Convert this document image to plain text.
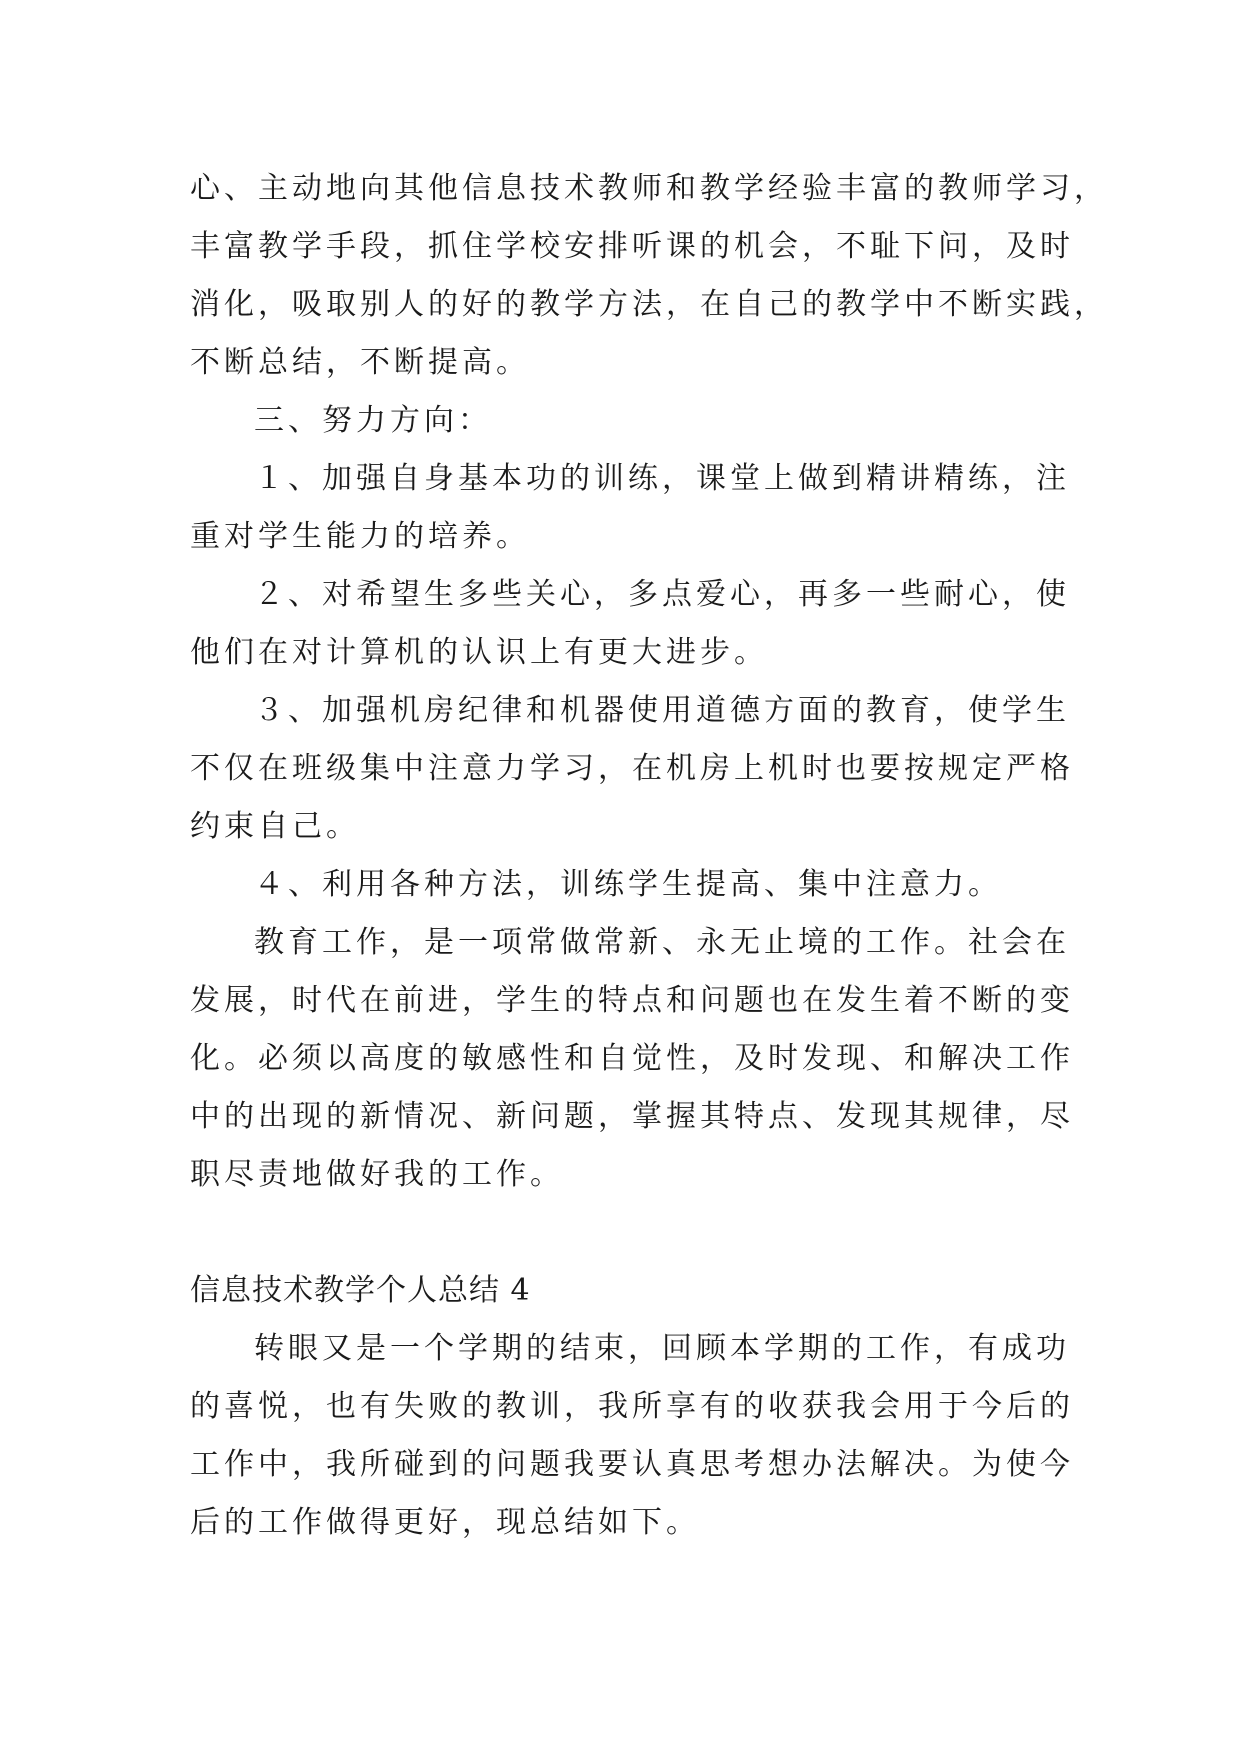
心、主动地向其他信息技术教师和教学经验丰富的教师学习，
丰富教学手段，抓住学校安排听课的机会，不耻下问，及时
消化，吸取别人的好的教学方法，在自己的教学中不断实践，
不断总结，不断提高。
三、努力方向：
１、加强自身基本功的训练，课堂上做到精讲精练，注
重对学生能力的培养。
２、对希望生多些关心，多点爱心，再多一些耐心，使
他们在对计算机的认识上有更大进步。
３、加强机房纪律和机器使用道德方面的教育，使学生
不仅在班级集中注意力学习，在机房上机时也要按规定严格
约束自己。
４、利用各种方法，训练学生提高、集中注意力。
教育工作，是一项常做常新、永无止境的工作。社会在
发展，时代在前进，学生的特点和问题也在发生着不断的变
化。必须以高度的敏感性和自觉性，及时发现、和解决工作
中的出现的新情况、新问题，掌握其特点、发现其规律，尽
职尽责地做好我的工作。
信息技术教学个人总结 4
转眼又是一个学期的结束，回顾本学期的工作，有成功
的喜悦，也有失败的教训，我所享有的收获我会用于今后的
工作中，我所碰到的问题我要认真思考想办法解决。为使今
后的工作做得更好，现总结如下。
